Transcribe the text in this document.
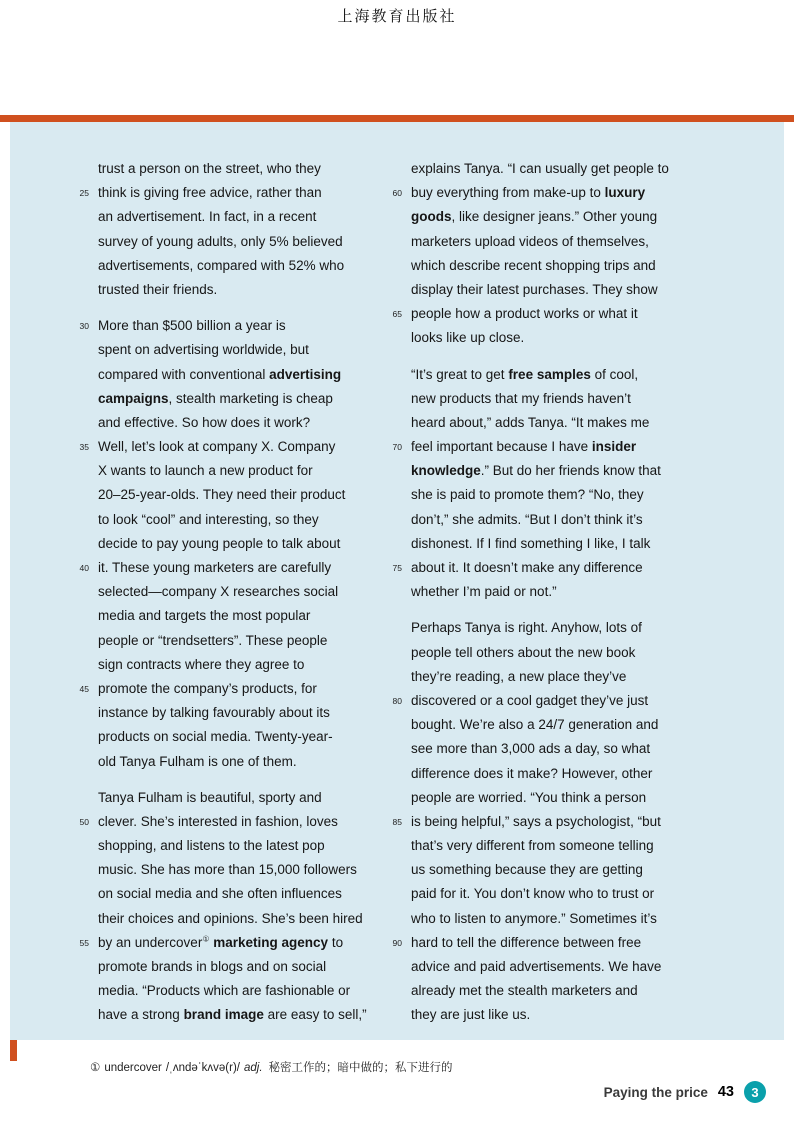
上海教育出版社
trust a person on the street, who they
25 think is giving free advice, rather than
an advertisement. In fact, in a recent
survey of young adults, only 5% believed
advertisements, compared with 52% who
trusted their friends.
30 More than $500 billion a year is
spent on advertising worldwide, but
compared with conventional advertising
campaigns, stealth marketing is cheap
and effective. So how does it work?
35 Well, let’s look at company X. Company
X wants to launch a new product for
20–25-year-olds. They need their product
to look “cool” and interesting, so they
decide to pay young people to talk about
40 it. These young marketers are carefully
selected—company X researches social
media and targets the most popular
people or “trendsetters”. These people
sign contracts where they agree to
45 promote the company’s products, for
instance by talking favourably about its
products on social media. Twenty-year-
old Tanya Fulham is one of them.
Tanya Fulham is beautiful, sporty and
50 clever. She’s interested in fashion, loves
shopping, and listens to the latest pop
music. She has more than 15,000 followers
on social media and she often influences
their choices and opinions. She’s been hired
55 by an undercover① marketing agency to
promote brands in blogs and on social
media. “Products which are fashionable or
have a strong brand image are easy to sell,”
explains Tanya. “I can usually get people to
60 buy everything from make-up to luxury
goods, like designer jeans.” Other young
marketers upload videos of themselves,
which describe recent shopping trips and
display their latest purchases. They show
65 people how a product works or what it
looks like up close.
“It’s great to get free samples of cool,
new products that my friends haven’t
heard about,” adds Tanya. “It makes me
70 feel important because I have insider
knowledge.” But do her friends know that
she is paid to promote them? “No, they
don’t,” she admits. “But I don’t think it’s
dishonest. If I find something I like, I talk
75 about it. It doesn’t make any difference
whether I’m paid or not.”
Perhaps Tanya is right. Anyhow, lots of
people tell others about the new book
they’re reading, a new place they’ve
80 discovered or a cool gadget they’ve just
bought. We’re also a 24/7 generation and
see more than 3,000 ads a day, so what
difference does it make? However, other
people are worried. “You think a person
85 is being helpful,” says a psychologist, “but
that’s very different from someone telling
us something because they are getting
paid for it. You don’t know who to trust or
who to listen to anymore.” Sometimes it’s
90 hard to tell the difference between free
advice and paid advertisements. We have
already met the stealth marketers and
they are just like us.
① undercover /ˌʌndəˈkʌvə(r)/ adj. 秘密工作的；暗中做的；私下进行的
Paying the price 43	3
